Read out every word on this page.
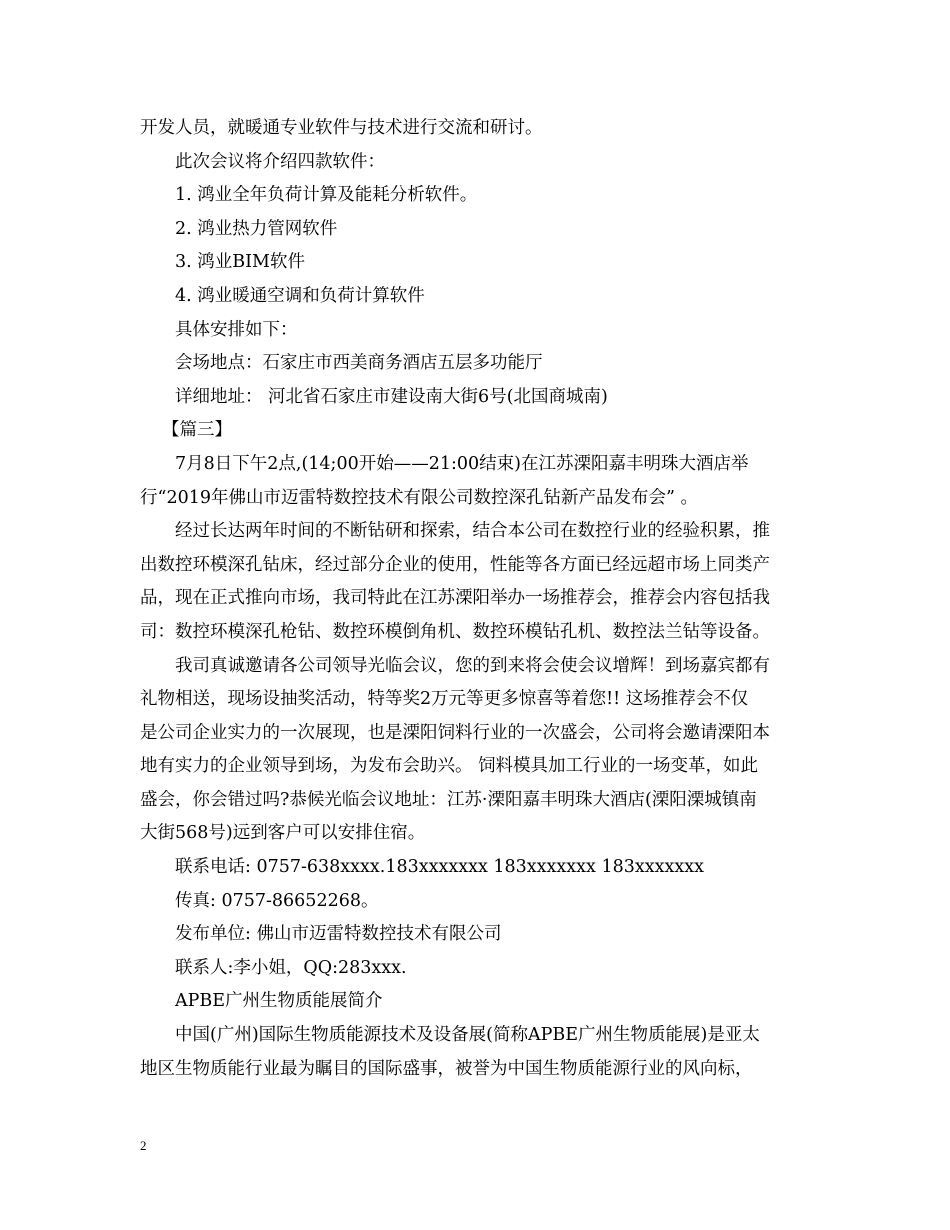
开发人员，就暖通专业软件与技术进行交流和研讨。
此次会议将介绍四款软件：
1. 鸿业全年负荷计算及能耗分析软件。
2. 鸿业热力管网软件
3. 鸿业BIM软件
4. 鸿业暖通空调和负荷计算软件
具体安排如下：
会场地点：石家庄市西美商务酒店五层多功能厅
详细地址： 河北省石家庄市建设南大街6号(北国商城南)
【篇三】
7月8日下午2点,(14;00开始——21:00结束)在江苏溧阳嘉丰明珠大酒店举
行“2019年佛山市迈雷特数控技术有限公司数控深孔钻新产品发布会” 。
经过长达两年时间的不断钻研和探索，结合本公司在数控行业的经验积累，推
出数控环模深孔钻床，经过部分企业的使用，性能等各方面已经远超市场上同类产
品，现在正式推向市场，我司特此在江苏溧阳举办一场推荐会，推荐会内容包括我
司：数控环模深孔枪钻、数控环模倒角机、数控环模钻孔机、数控法兰钻等设备。
我司真诚邀请各公司领导光临会议，您的到来将会使会议增辉！到场嘉宾都有
礼物相送，现场设抽奖活动，特等奖2万元等更多惊喜等着您!! 这场推荐会不仅
是公司企业实力的一次展现，也是溧阳饲料行业的一次盛会，公司将会邀请溧阳本
地有实力的企业领导到场，为发布会助兴。 饲料模具加工行业的一场变革，如此
盛会，你会错过吗?恭候光临会议地址：江苏·溧阳嘉丰明珠大酒店(溧阳溧城镇南
大街568号)远到客户可以安排住宿。
联系电话: 0757-638xxxx.183xxxxxxx 183xxxxxxx 183xxxxxxx
传真: 0757-86652268。
发布单位: 佛山市迈雷特数控技术有限公司
联系人:李小姐，QQ:283xxx.
APBE广州生物质能展简介
中国(广州)国际生物质能源技术及设备展(简称APBE广州生物质能展)是亚太
地区生物质能行业最为瞩目的国际盛事，被誉为中国生物质能源行业的风向标，
2
